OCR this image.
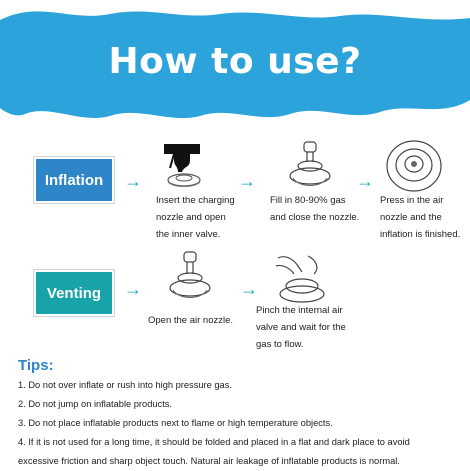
How to use?
Inflation	→
Insert the charging
nozzle and open
the inner valve.
→
Fill in 80-90% gas
and close the nozzle.
→
Press in the air
nozzle and the
inflation is finished.
Venting	→
Open the air nozzle.
→
Pinch the internal air
valve and wait for the
gas to flow.
Tips:
1. Do not over inflate or rush into high pressure gas.
2. Do not jump on inflatable products.
3. Do not place inflatable products next to flame or high temperature objects.
4. If it is not used for a long time, it should be folded and placed in a flat and dark place to avoid
excessive friction and sharp object touch. Natural air leakage of inflatable products is normal.
